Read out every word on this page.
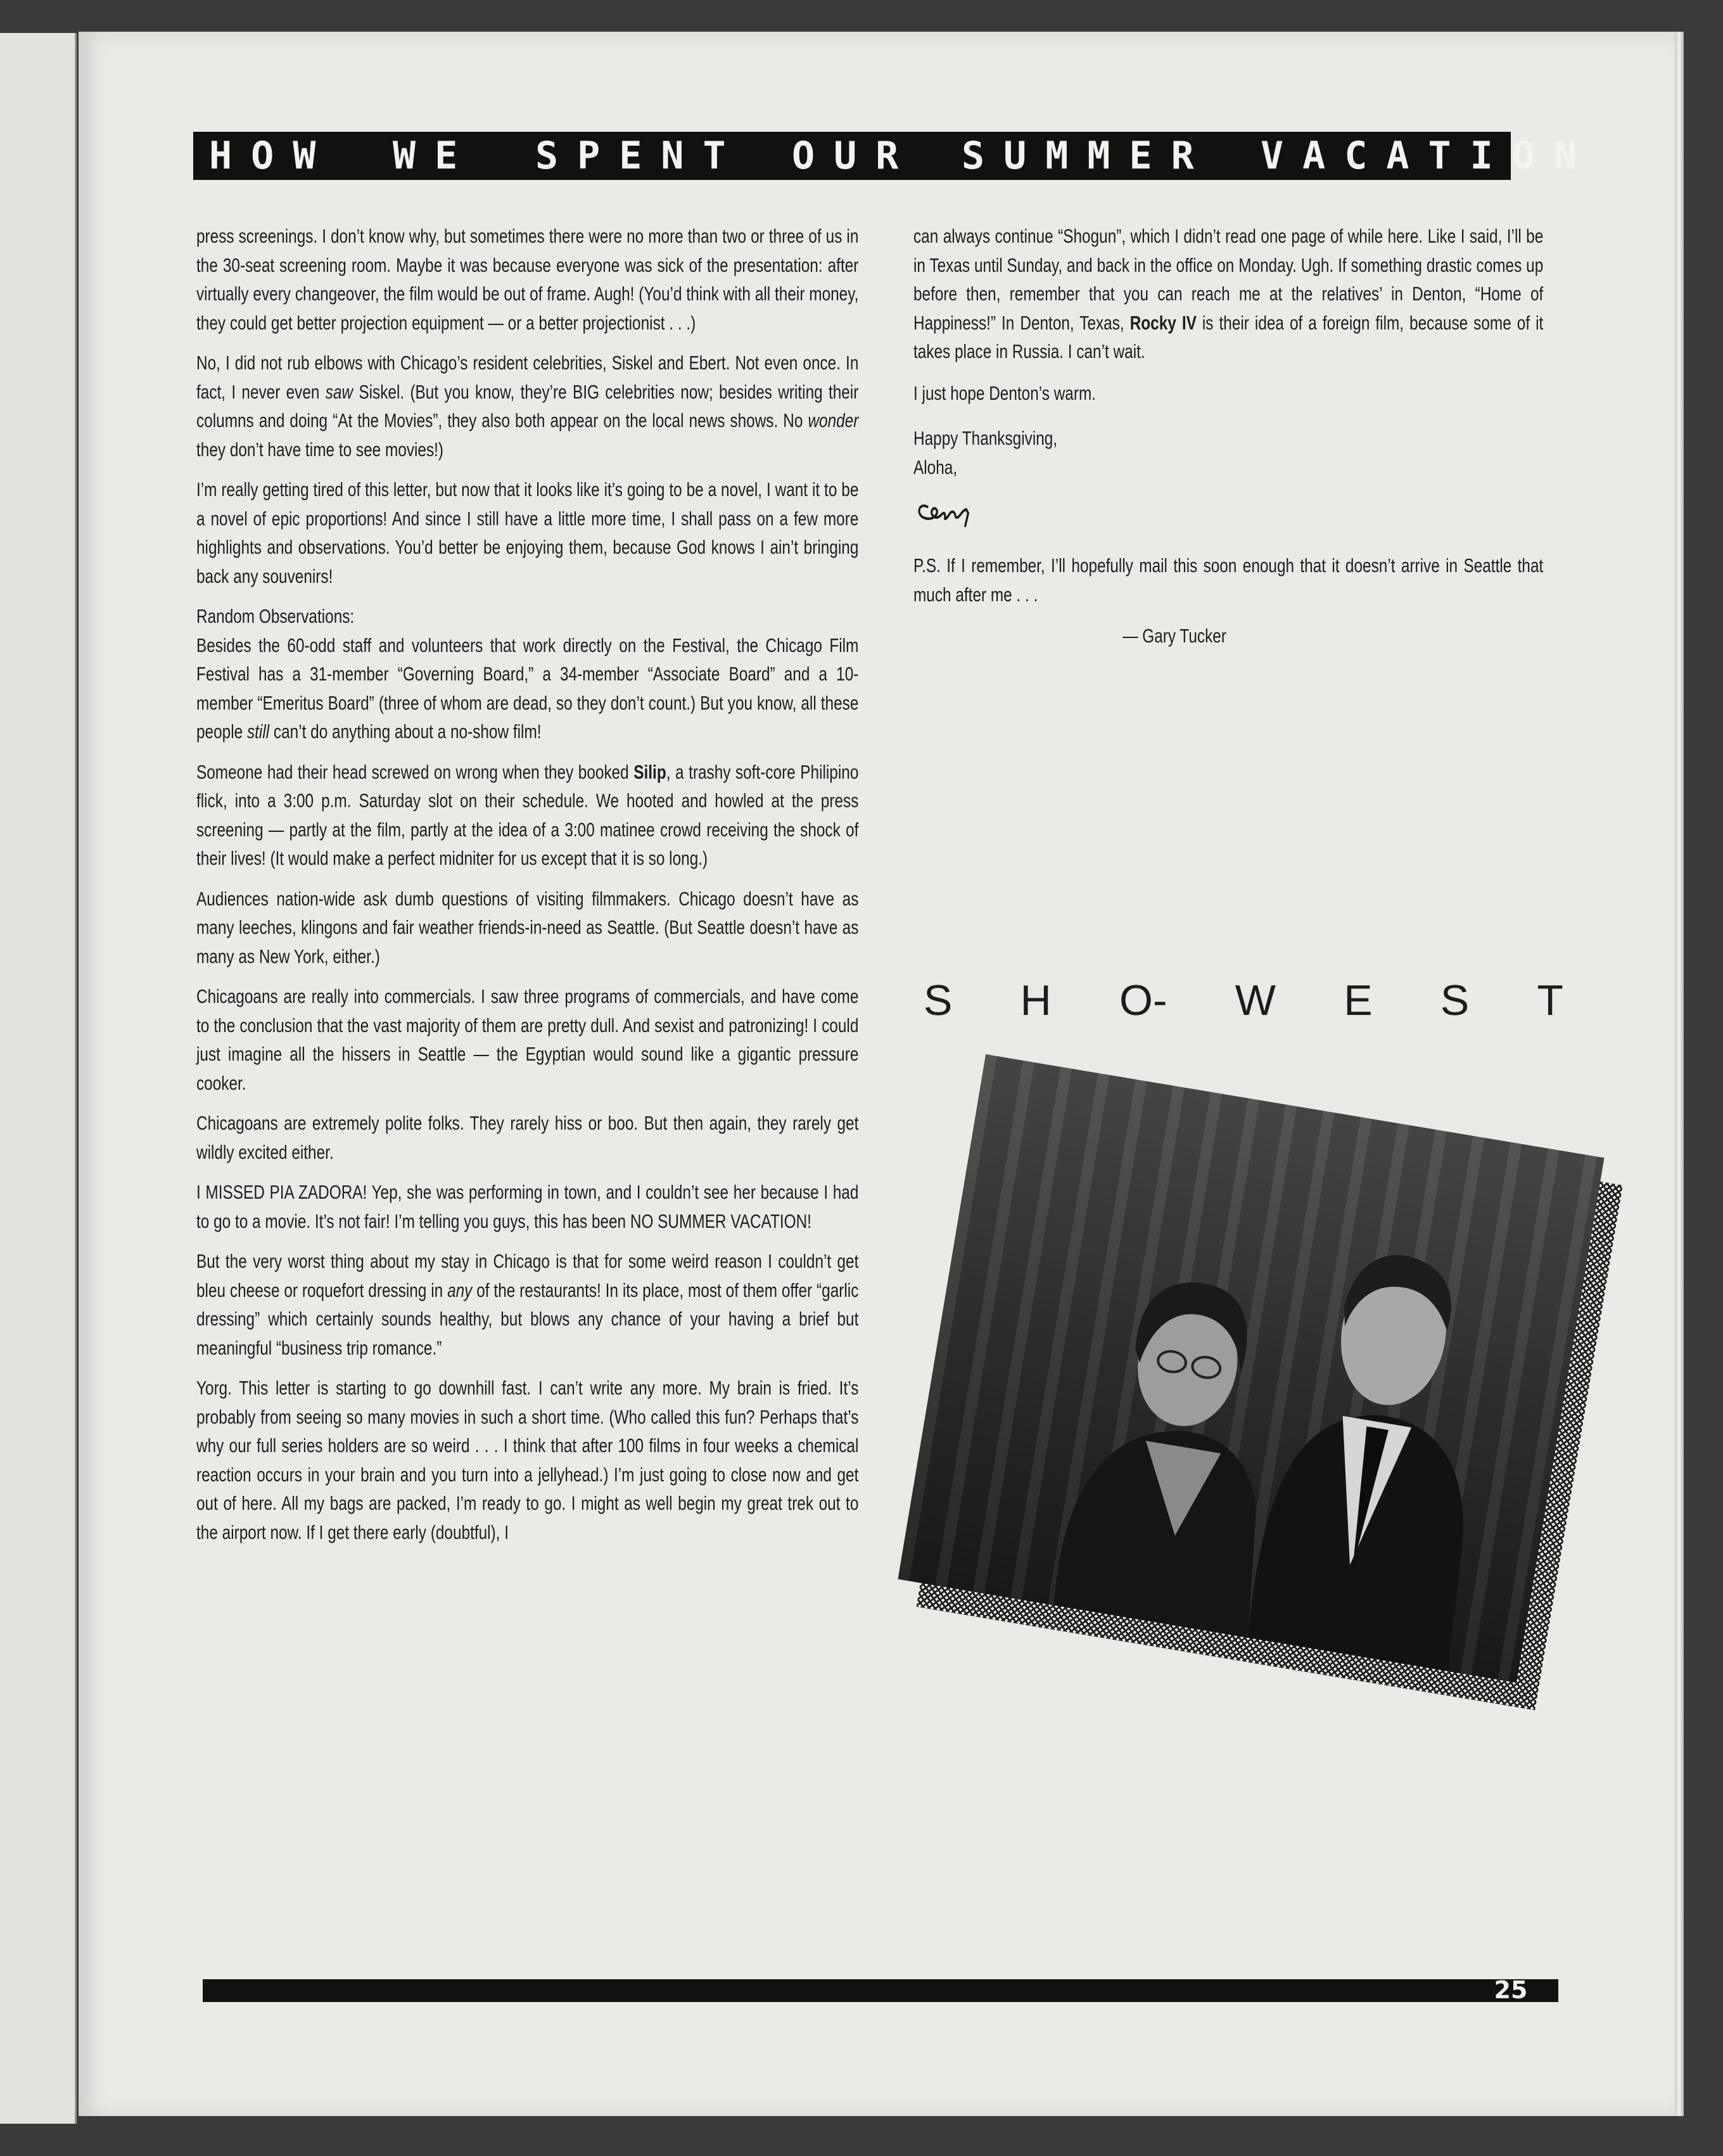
HOW WE SPENT OUR SUMMER VACATION

press screenings. I don’t know why, but sometimes there were no more than two or three of us in the 30-seat screening room. Maybe it was because everyone was sick of the presentation: after virtually every changeover, the film would be out of frame. Augh! (You’d think with all their money, they could get better projection equipment — or a better projectionist . . .)

No, I did not rub elbows with Chicago’s resident celebrities, Siskel and Ebert. Not even once. In fact, I never even saw Siskel. (But you know, they’re BIG celebrities now; besides writing their columns and doing “At the Movies”, they also both appear on the local news shows. No wonder they don’t have time to see movies!)

I’m really getting tired of this letter, but now that it looks like it’s going to be a novel, I want it to be a novel of epic proportions! And since I still have a little more time, I shall pass on a few more highlights and observations. You’d better be enjoying them, because God knows I ain’t bringing back any souvenirs!

Random Observations:
Besides the 60-odd staff and volunteers that work directly on the Festival, the Chicago Film Festival has a 31-member “Governing Board,” a 34-member “Associate Board” and a 10-member “Emeritus Board” (three of whom are dead, so they don’t count.) But you know, all these people still can’t do anything about a no-show film!

Someone had their head screwed on wrong when they booked Silip, a trashy soft-core Philipino flick, into a 3:00 p.m. Saturday slot on their schedule. We hooted and howled at the press screening — partly at the film, partly at the idea of a 3:00 matinee crowd receiving the shock of their lives! (It would make a perfect midniter for us except that it is so long.)

Audiences nation-wide ask dumb questions of visiting filmmakers. Chicago doesn’t have as many leeches, klingons and fair weather friends-in-need as Seattle. (But Seattle doesn’t have as many as New York, either.)

Chicagoans are really into commercials. I saw three programs of commercials, and have come to the conclusion that the vast majority of them are pretty dull. And sexist and patronizing! I could just imagine all the hissers in Seattle — the Egyptian would sound like a gigantic pressure cooker.

Chicagoans are extremely polite folks. They rarely hiss or boo. But then again, they rarely get wildly excited either.

I MISSED PIA ZADORA! Yep, she was performing in town, and I couldn’t see her because I had to go to a movie. It’s not fair! I’m telling you guys, this has been NO SUMMER VACATION!

But the very worst thing about my stay in Chicago is that for some weird reason I couldn’t get bleu cheese or roquefort dressing in any of the restaurants! In its place, most of them offer “garlic dressing” which certainly sounds healthy, but blows any chance of your having a brief but meaningful “business trip romance.”

Yorg. This letter is starting to go downhill fast. I can’t write any more. My brain is fried. It’s probably from seeing so many movies in such a short time. (Who called this fun? Perhaps that’s why our full series holders are so weird . . . I think that after 100 films in four weeks a chemical reaction occurs in your brain and you turn into a jellyhead.) I’m just going to close now and get out of here. All my bags are packed, I’m ready to go. I might as well begin my great trek out to the airport now. If I get there early (doubtful), I

can always continue “Shogun”, which I didn’t read one page of while here. Like I said, I’ll be in Texas until Sunday, and back in the office on Monday. Ugh. If something drastic comes up before then, remember that you can reach me at the relatives’ in Denton, “Home of Happiness!” In Denton, Texas, Rocky IV is their idea of a foreign film, because some of it takes place in Russia. I can’t wait.

I just hope Denton’s warm.

Happy Thanksgiving,

Aloha,

P.S. If I remember, I’ll hopefully mail this soon enough that it doesn’t arrive in Seattle that much after me . . .

— Gary Tucker

S H O- W E S T
25
